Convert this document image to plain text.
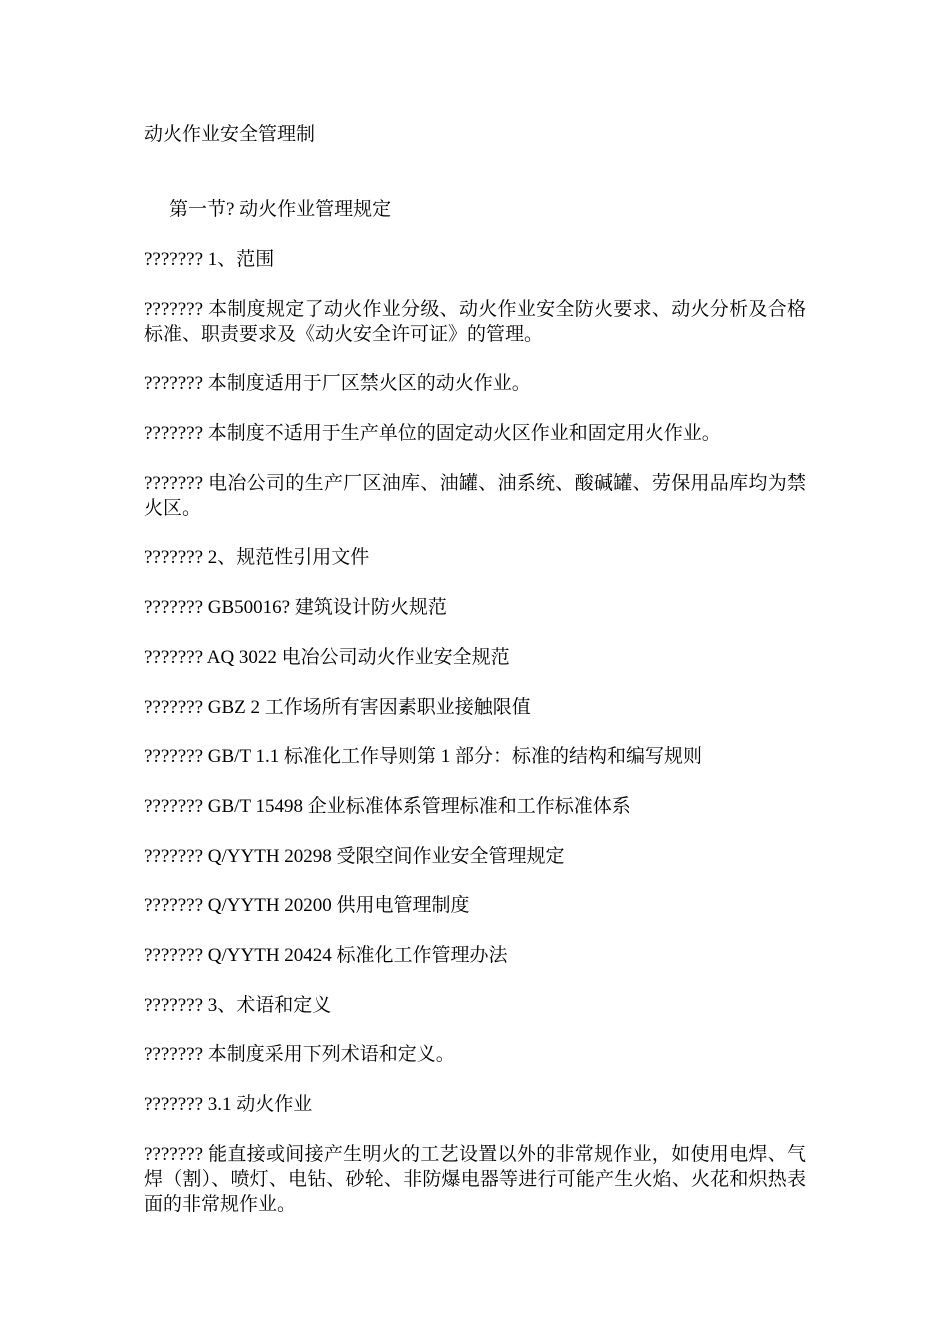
动火作业安全管理制
第一节? 动火作业管理规定
??????? 1、范围
??????? 本制度规定了动火作业分级、动火作业安全防火要求、动火分析及合格标准、职责要求及《动火安全许可证》的管理。
??????? 本制度适用于厂区禁火区的动火作业。
??????? 本制度不适用于生产单位的固定动火区作业和固定用火作业。
??????? 电冶公司的生产厂区油库、油罐、油系统、酸碱罐、劳保用品库均为禁火区。
??????? 2、规范性引用文件
??????? GB50016? 建筑设计防火规范
??????? AQ 3022 电冶公司动火作业安全规范
??????? GBZ 2 工作场所有害因素职业接触限值
??????? GB/T 1.1 标准化工作导则第 1 部分：标准的结构和编写规则
??????? GB/T 15498 企业标准体系管理标准和工作标准体系
??????? Q/YYTH 20298 受限空间作业安全管理规定
??????? Q/YYTH 20200 供用电管理制度
??????? Q/YYTH 20424 标准化工作管理办法
??????? 3、术语和定义
??????? 本制度采用下列术语和定义。
??????? 3.1 动火作业
??????? 能直接或间接产生明火的工艺设置以外的非常规作业，如使用电焊、气焊（割）、喷灯、电钻、砂轮、非防爆电器等进行可能产生火焰、火花和炽热表面的非常规作业。
